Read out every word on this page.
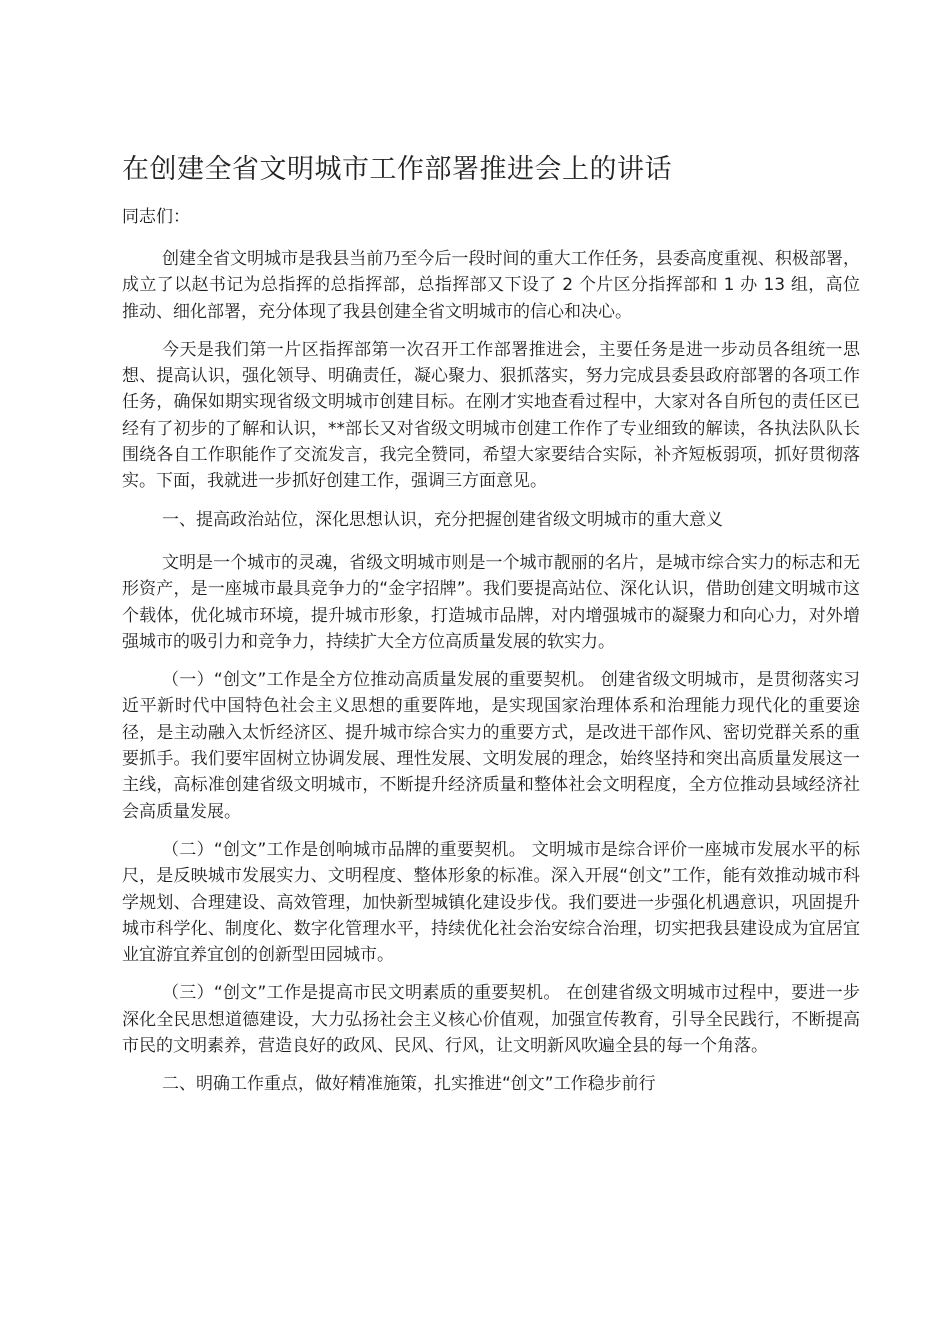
在创建全省文明城市工作部署推进会上的讲话

同志们：

创建全省文明城市是我县当前乃至今后一段时间的重大工作任务，县委高度重视、积极部署，成立了以赵书记为总指挥的总指挥部，总指挥部又下设了 2 个片区分指挥部和 1 办 13 组，高位推动、细化部署，充分体现了我县创建全省文明城市的信心和决心。

今天是我们第一片区指挥部第一次召开工作部署推进会，主要任务是进一步动员各组统一思想、提高认识，强化领导、明确责任，凝心聚力、狠抓落实，努力完成县委县政府部署的各项工作任务，确保如期实现省级文明城市创建目标。在刚才实地查看过程中，大家对各自所包的责任区已经有了初步的了解和认识，**部长又对省级文明城市创建工作作了专业细致的解读，各执法队队长围绕各自工作职能作了交流发言，我完全赞同，希望大家要结合实际，补齐短板弱项，抓好贯彻落实。下面，我就进一步抓好创建工作，强调三方面意见。

一、提高政治站位，深化思想认识，充分把握创建省级文明城市的重大意义

文明是一个城市的灵魂，省级文明城市则是一个城市靓丽的名片，是城市综合实力的标志和无形资产，是一座城市最具竞争力的“金字招牌”。我们要提高站位、深化认识，借助创建文明城市这个载体，优化城市环境，提升城市形象，打造城市品牌，对内增强城市的凝聚力和向心力，对外增强城市的吸引力和竞争力，持续扩大全方位高质量发展的软实力。

（一）“创文”工作是全方位推动高质量发展的重要契机。 创建省级文明城市，是贯彻落实习近平新时代中国特色社会主义思想的重要阵地，是实现国家治理体系和治理能力现代化的重要途径，是主动融入太忻经济区、提升城市综合实力的重要方式，是改进干部作风、密切党群关系的重要抓手。我们要牢固树立协调发展、理性发展、文明发展的理念，始终坚持和突出高质量发展这一主线，高标准创建省级文明城市，不断提升经济质量和整体社会文明程度，全方位推动县域经济社会高质量发展。

（二）“创文”工作是创响城市品牌的重要契机。 文明城市是综合评价一座城市发展水平的标尺，是反映城市发展实力、文明程度、整体形象的标准。深入开展“创文”工作，能有效推动城市科学规划、合理建设、高效管理，加快新型城镇化建设步伐。我们要进一步强化机遇意识，巩固提升城市科学化、制度化、数字化管理水平，持续优化社会治安综合治理，切实把我县建设成为宜居宜业宜游宜养宜创的创新型田园城市。

（三）“创文”工作是提高市民文明素质的重要契机。 在创建省级文明城市过程中，要进一步深化全民思想道德建设，大力弘扬社会主义核心价值观，加强宣传教育，引导全民践行，不断提高市民的文明素养，营造良好的政风、民风、行风，让文明新风吹遍全县的每一个角落。

二、明确工作重点，做好精准施策，扎实推进“创文”工作稳步前行
